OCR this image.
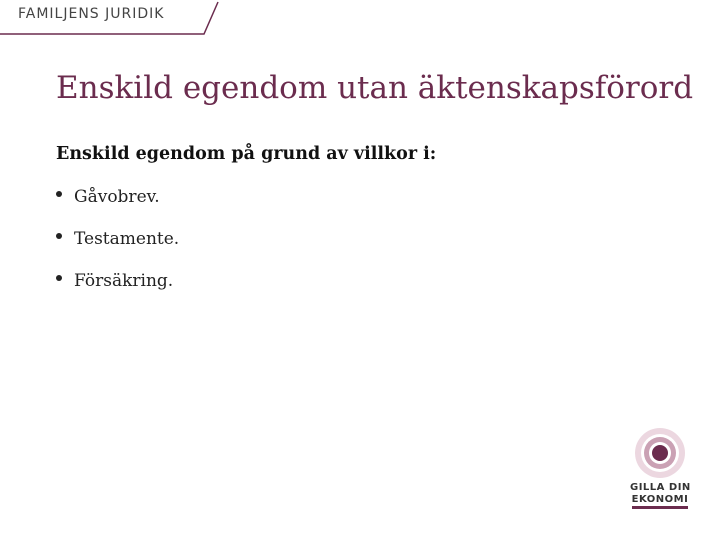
FAMILJENS JURIDIK
Enskild egendom utan äktenskapsförord
Enskild egendom på grund av villkor i:
Gåvobrev.
Testamente.
Försäkring.
GILLA DIN
EKONOMI
